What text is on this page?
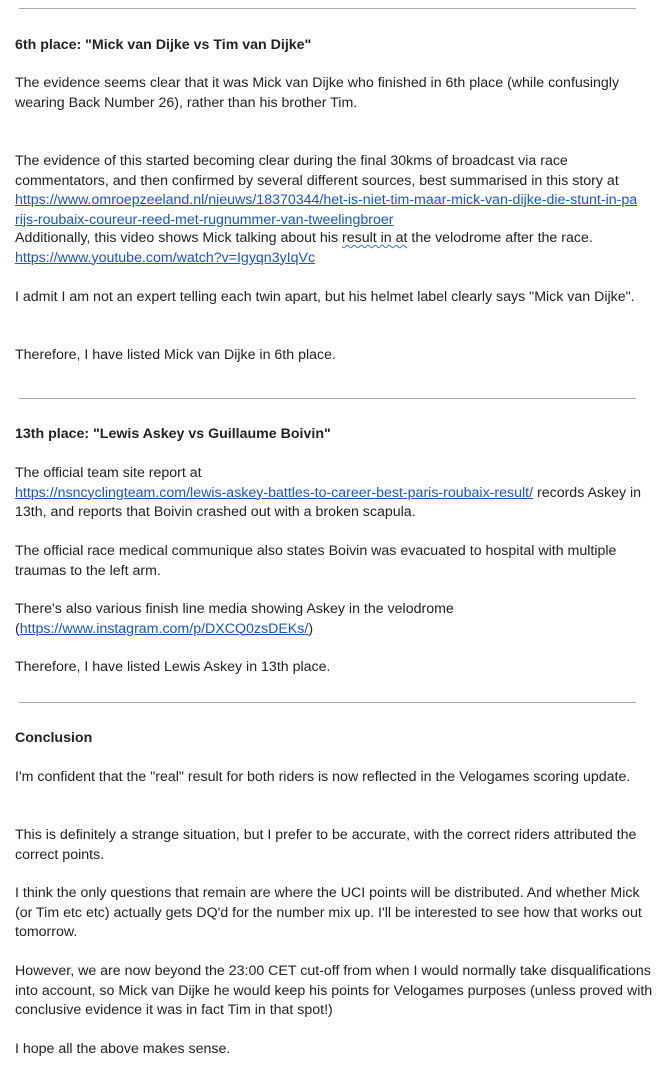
6th place: "Mick van Dijke vs Tim van Dijke"
The evidence seems clear that it was Mick van Dijke who finished in 6th place (while confusingly wearing Back Number 26), rather than his brother Tim.
The evidence of this started becoming clear during the final 30kms of broadcast via race commentators, and then confirmed by several different sources, best summarised in this story at
https://www.omroepzeeland.nl/nieuws/18370344/het-is-niet-tim-maar-mick-van-dijke-die-stunt-in-parijs-roubaix-coureur-reed-met-rugnummer-van-tweelingbroer
Additionally, this video shows Mick talking about his result in at the velodrome after the race.
https://www.youtube.com/watch?v=Igyqn3yIqVc
I admit I am not an expert telling each twin apart, but his helmet label clearly says "Mick van Dijke".
Therefore, I have listed Mick van Dijke in 6th place.
13th place: "Lewis Askey vs Guillaume Boivin"
The official team site report at
https://nsncyclingteam.com/lewis-askey-battles-to-career-best-paris-roubaix-result/ records Askey in 13th, and reports that Boivin crashed out with a broken scapula.
The official race medical communique also states Boivin was evacuated to hospital with multiple traumas to the left arm.
There's also various finish line media showing Askey in the velodrome
(https://www.instagram.com/p/DXCQ0zsDEKs/)
Therefore, I have listed Lewis Askey in 13th place.
Conclusion
I'm confident that the "real" result for both riders is now reflected in the Velogames scoring update.
This is definitely a strange situation, but I prefer to be accurate, with the correct riders attributed the correct points.
I think the only questions that remain are where the UCI points will be distributed. And whether Mick (or Tim etc etc) actually gets DQ'd for the number mix up. I'll be interested to see how that works out tomorrow.
However, we are now beyond the 23:00 CET cut-off from when I would normally take disqualifications into account, so Mick van Dijke he would keep his points for Velogames purposes (unless proved with conclusive evidence it was in fact Tim in that spot!)
I hope all the above makes sense.
